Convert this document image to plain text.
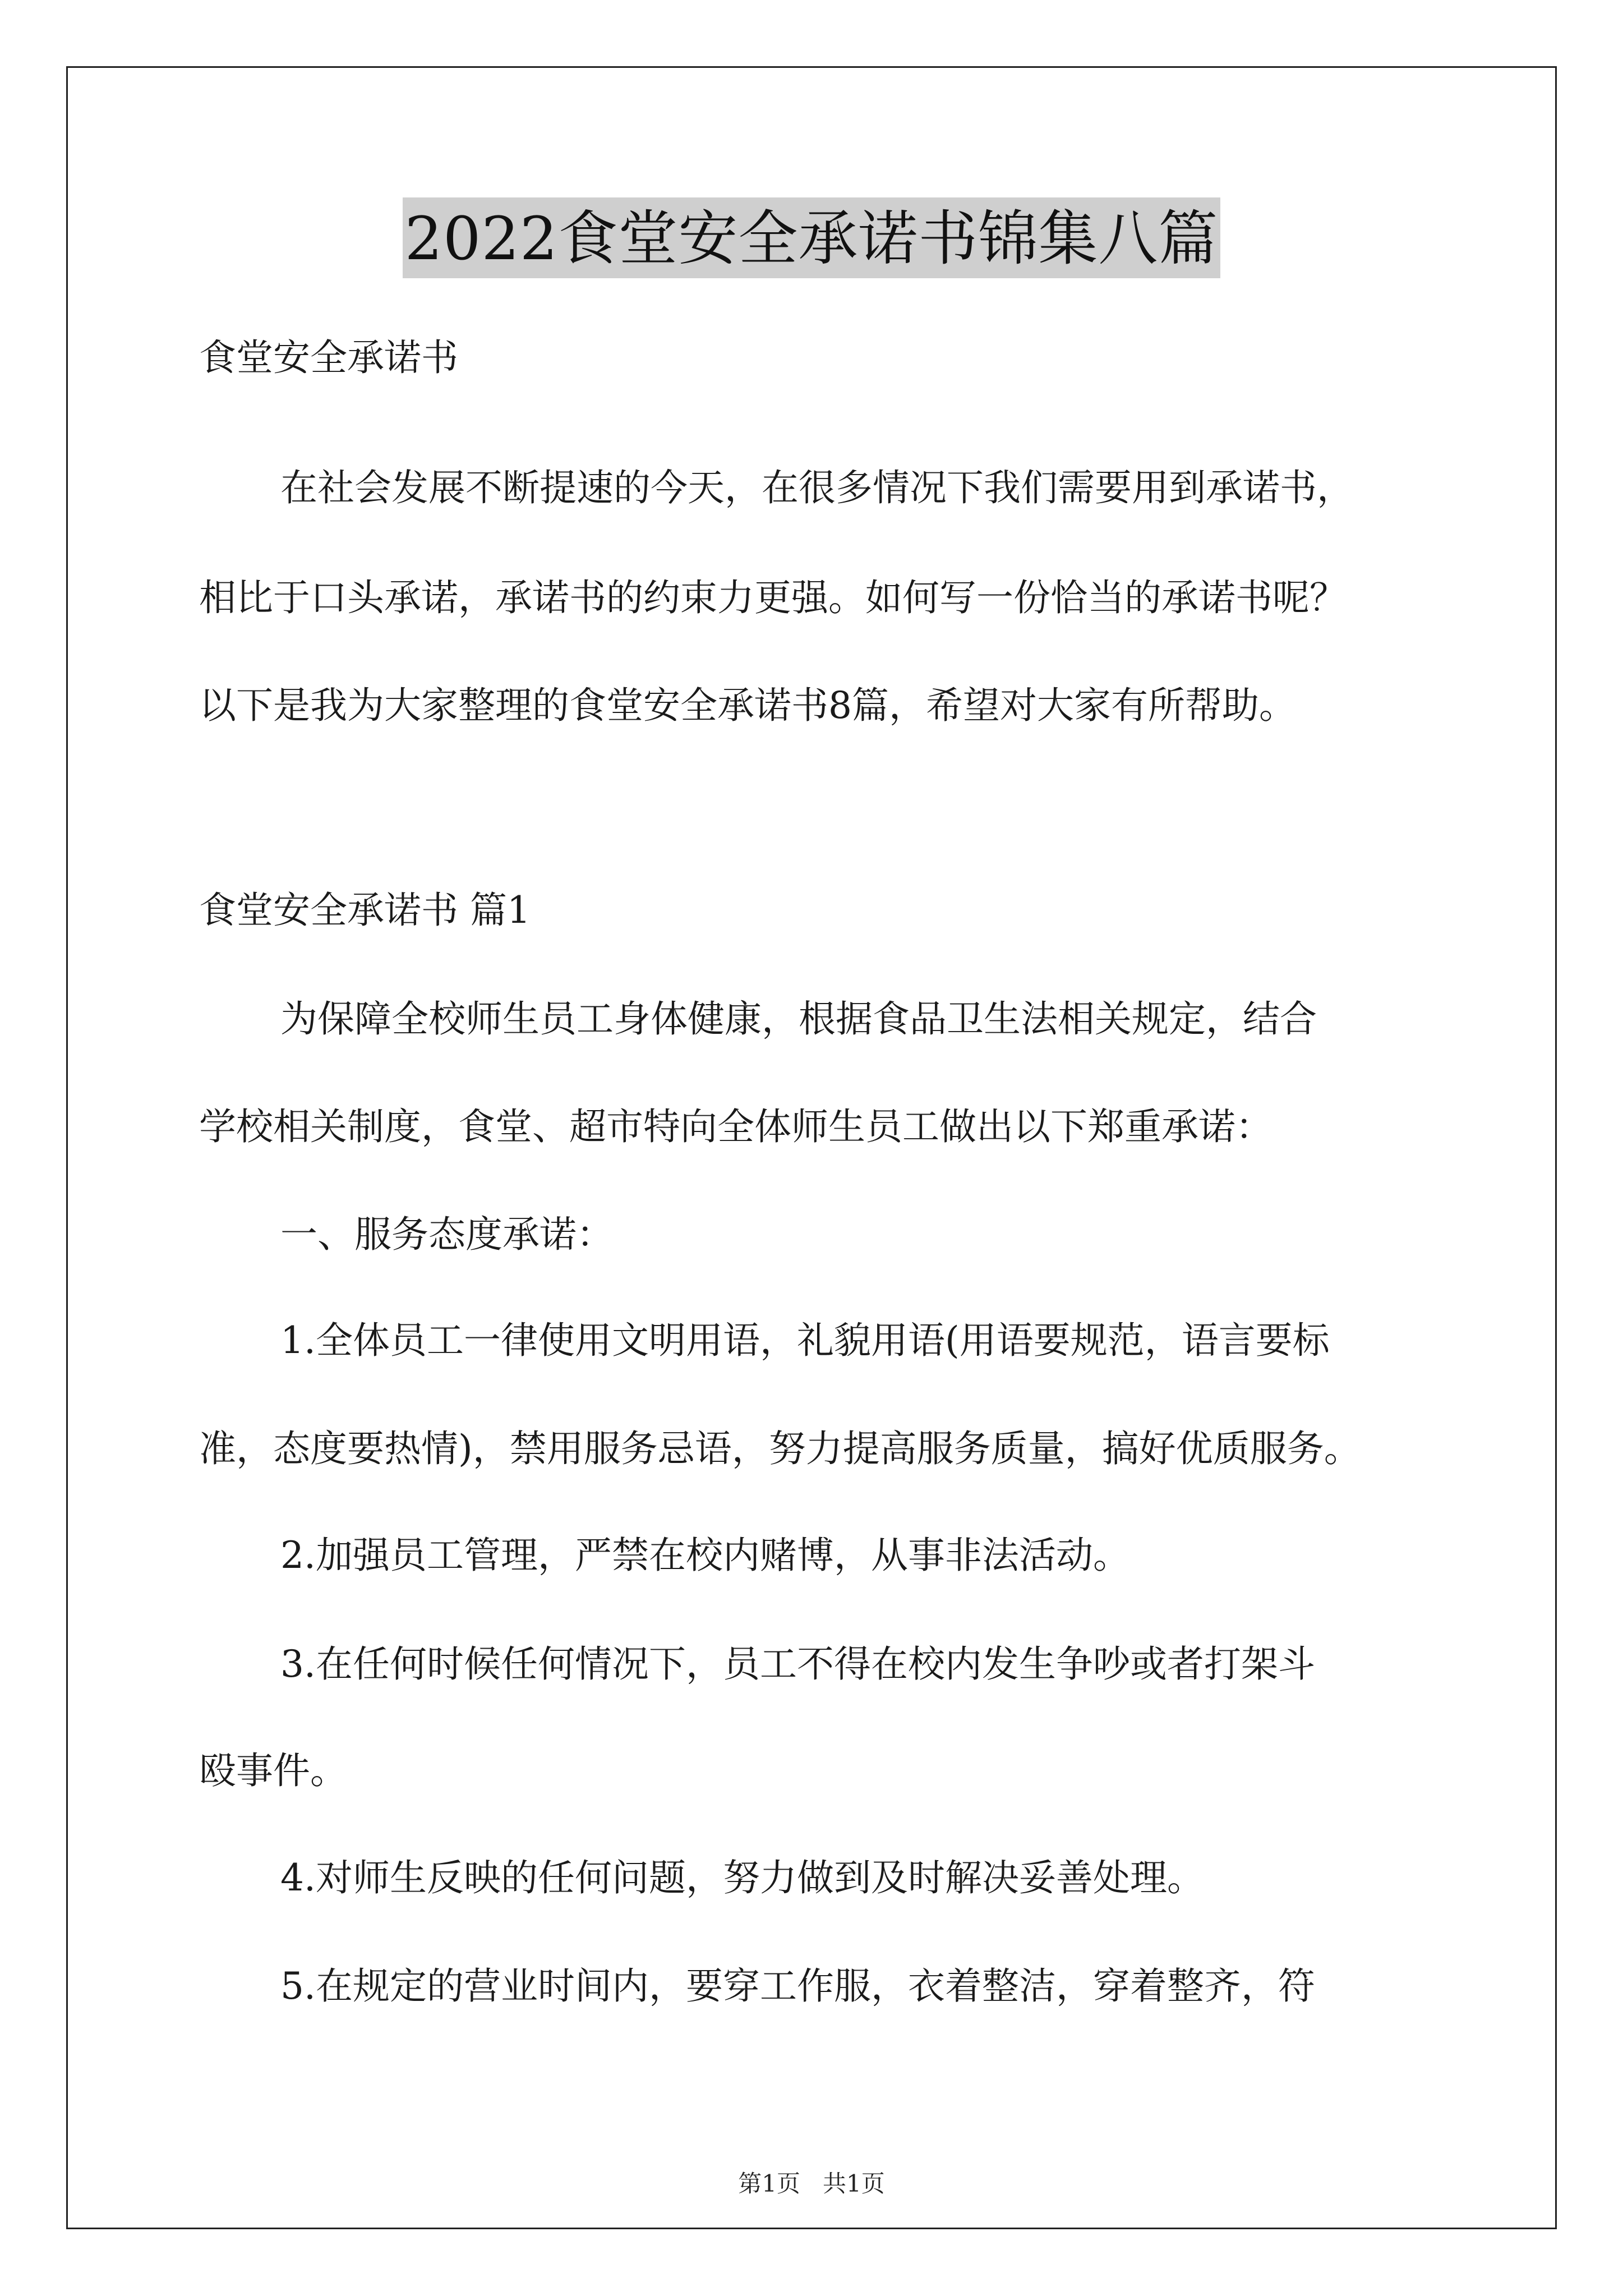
2022食堂安全承诺书锦集八篇
食堂安全承诺书
在社会发展不断提速的今天，在很多情况下我们需要用到承诺书，
相比于口头承诺，承诺书的约束力更强。如何写一份恰当的承诺书呢？
以下是我为大家整理的食堂安全承诺书8篇，希望对大家有所帮助。
食堂安全承诺书 篇1
为保障全校师生员工身体健康，根据食品卫生法相关规定，结合
学校相关制度，食堂、超市特向全体师生员工做出以下郑重承诺：
一、服务态度承诺：
1.全体员工一律使用文明用语，礼貌用语(用语要规范，语言要标
准，态度要热情)，禁用服务忌语，努力提高服务质量，搞好优质服务。
2.加强员工管理，严禁在校内赌博，从事非法活动。
3.在任何时候任何情况下，员工不得在校内发生争吵或者打架斗
殴事件。
4.对师生反映的任何问题，努力做到及时解决妥善处理。
5.在规定的营业时间内，要穿工作服，衣着整洁，穿着整齐，符
第1页   共1页
